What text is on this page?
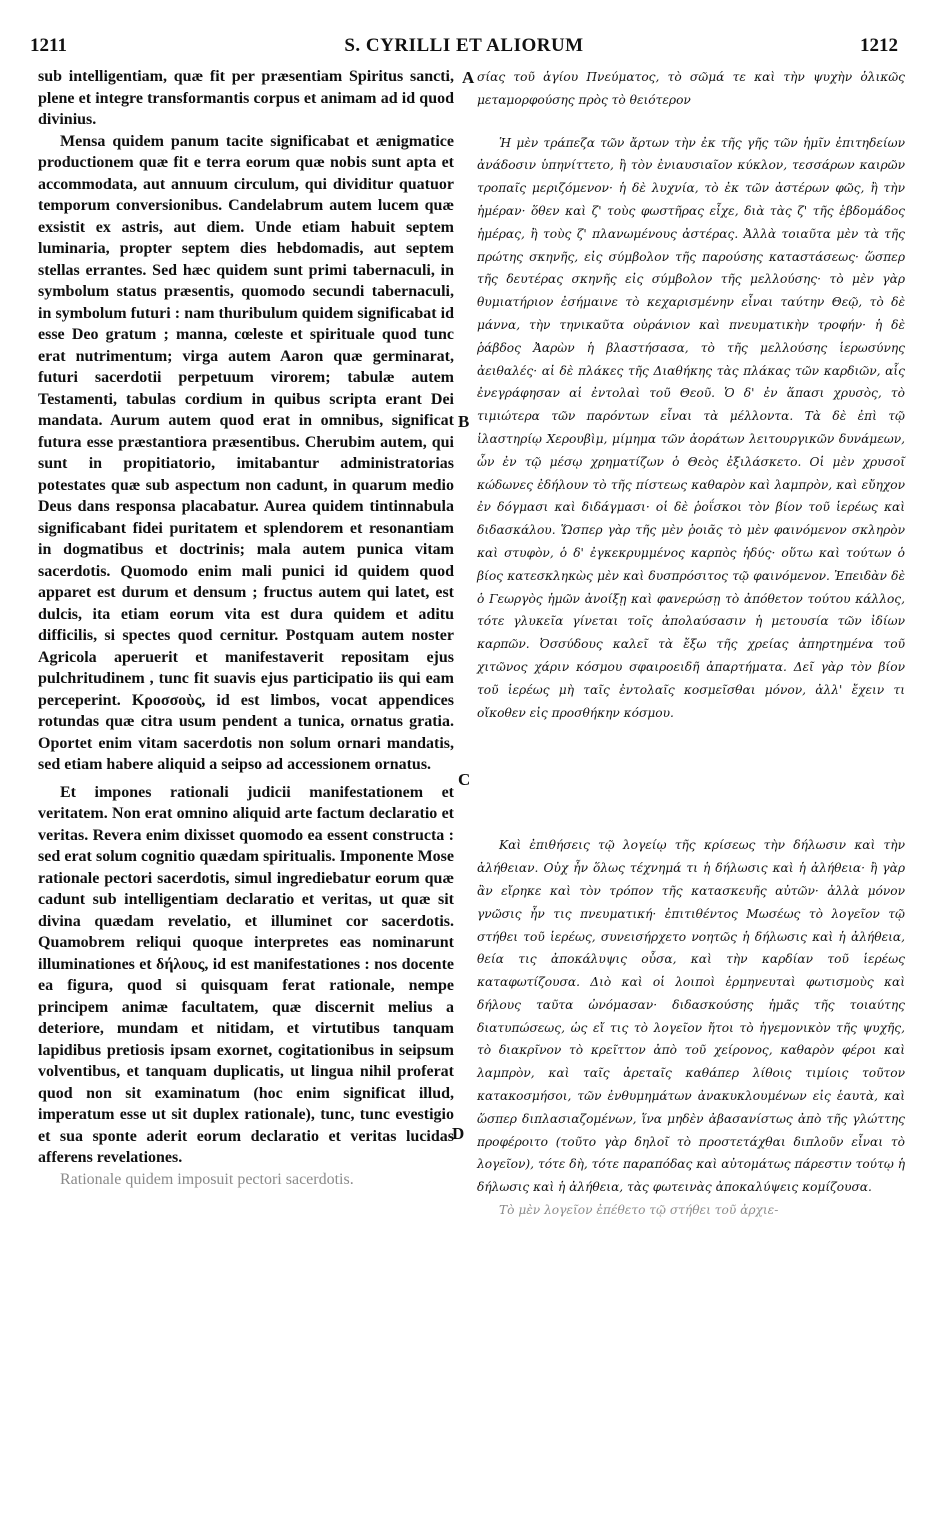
1211	S. CYRILLI ET ALIORUM	1212
A
B
C
D

sub intelligentiam, quæ fit per præsentiam Spiritus sancti, plene et integre transformantis corpus et animam ad id quod divinius.

Mensa quidem panum tacite significabat et ænigmatice productionem quæ fit e terra eorum quæ nobis sunt apta et accommodata, aut annuum circulum, qui dividitur quatuor temporum conversionibus. Candelabrum autem lucem quæ exsistit ex astris, aut diem. Unde etiam habuit septem luminaria, propter septem dies hebdomadis, aut septem stellas errantes. Sed hæc quidem sunt primi tabernaculi, in symbolum status præsentis, quomodo secundi tabernaculi, in symbolum futuri : nam thuribulum quidem significabat id esse Deo gratum ; manna, cœleste et spirituale quod tunc erat nutrimentum; virga autem Aaron quæ germinarat, futuri sacerdotii perpetuum virorem; tabulæ autem Testamenti, tabulas cordium in quibus scripta erant Dei mandata. Aurum autem quod erat in omnibus, significat futura esse præstantiora præsentibus. Cherubim autem, qui sunt in propitiatorio, imitabantur administratorias potestates quæ sub aspectum non cadunt, in quarum medio Deus dans responsa placabatur. Aurea quidem tintinnabula significabant fidei puritatem et splendorem et resonantiam in dogmatibus et doctrinis; mala autem punica vitam sacerdotis. Quomodo enim mali punici id quidem quod apparet est durum et densum ; fructus autem qui latet, est dulcis, ita etiam eorum vita est dura quidem et aditu difficilis, si spectes quod cernitur. Postquam autem noster Agricola aperuerit et manifestaverit repositam ejus pulchritudinem , tunc fit suavis ejus participatio iis qui eam perceperint. Κροσσοὺς, id est limbos, vocat appendices rotundas quæ citra usum pendent a tunica, ornatus gratia. Oportet enim vitam sacerdotis non solum ornari mandatis, sed etiam habere aliquid a seipso ad accessionem ornatus.

Et impones rationali judicii manifestationem et veritatem. Non erat omnino aliquid arte factum declaratio et veritas. Revera enim dixisset quomodo ea essent constructa : sed erat solum cognitio quædam spiritualis. Imponente Mose rationale pectori sacerdotis, simul ingrediebatur eorum quæ cadunt sub intelligentiam declaratio et veritas, ut quæ sit divina quædam revelatio, et illuminet cor sacerdotis. Quamobrem reliqui quoque interpretes eas nominarunt illuminationes et δήλους, id est manifestationes : nos docente ea figura, quod si quisquam ferat rationale, nempe principem animæ facultatem, quæ discernit melius a deteriore, mundam et nitidam, et virtutibus tanquam lapidibus pretiosis ipsam exornet, cogitationibus in seipsum volventibus, et tanquam duplicatis, ut lingua nihil proferat quod non sit examinatum (hoc enim significat illud, imperatum esse ut sit duplex rationale), tunc, tunc evestigio et sua sponte aderit eorum declaratio et veritas lucidas afferens revelationes.

Rationale quidem imposuit pectori sacerdotis.

σίας τοῦ ἁγίου Πνεύματος, τὸ σῶμά τε καὶ τὴν ψυχὴν ὁλικῶς μεταμορφούσης πρὸς τὸ θειότερον

Ἡ μὲν τράπεζα τῶν ἄρτων τὴν ἐκ τῆς γῆς τῶν ἡμῖν ἐπιτηδείων ἀνάδοσιν ὑπηνίττετο, ἢ τὸν ἐνιαυσιαῖον κύκλον, τεσσάρων καιρῶν τροπαῖς μεριζόμενον· ἡ δὲ λυχνία, τὸ ἐκ τῶν ἀστέρων φῶς, ἢ τὴν ἡμέραν· ὅθεν καὶ ζ' τοὺς φωστῆρας εἶχε, διὰ τὰς ζ' τῆς ἑβδομάδος ἡμέρας, ἢ τοὺς ζ' πλανωμένους ἀστέρας. Ἀλλὰ τοιαῦτα μὲν τὰ τῆς πρώτης σκηνῆς, εἰς σύμβολον τῆς παρούσης καταστάσεως· ὥσπερ τῆς δευτέρας σκηνῆς εἰς σύμβολον τῆς μελλούσης· τὸ μὲν γὰρ θυμιατήριον ἐσήμαινε τὸ κεχαρισμένην εἶναι ταύτην Θεῷ, τὸ δὲ μάννα, τὴν τηνικαῦτα οὐράνιον καὶ πνευματικὴν τροφήν· ἡ δὲ ῥάβδος Ἀαρὼν ἡ βλαστήσασα, τὸ τῆς μελλούσης ἱερωσύνης ἀειθαλές· αἱ δὲ πλάκες τῆς Διαθήκης τὰς πλάκας τῶν καρδιῶν, αἷς ἐνεγράφησαν αἱ ἐντολαὶ τοῦ Θεοῦ. Ὁ δ' ἐν ἅπασι χρυσὸς, τὸ τιμιώτερα τῶν παρόντων εἶναι τὰ μέλλοντα. Τὰ δὲ ἐπὶ τῷ ἱλαστηρίῳ Χερουβὶμ, μίμημα τῶν ἀοράτων λειτουργικῶν δυνάμεων, ὧν ἐν τῷ μέσῳ χρηματίζων ὁ Θεὸς ἐξιλάσκετο. Οἱ μὲν χρυσοῖ κώδωνες ἐδήλουν τὸ τῆς πίστεως καθαρὸν καὶ λαμπρὸν, καὶ εὔηχον ἐν δόγμασι καὶ διδάγμασι· οἱ δὲ ῥοΐσκοι τὸν βίον τοῦ ἱερέως καὶ διδασκάλου. Ὥσπερ γὰρ τῆς μὲν ῥοιᾶς τὸ μὲν φαινόμενον σκληρὸν καὶ στυφὸν, ὁ δ' ἐγκεκρυμμένος καρπὸς ἡδύς· οὕτω καὶ τούτων ὁ βίος κατεσκληκὼς μὲν καὶ δυσπρόσιτος τῷ φαινόμενον. Ἐπειδὰν δὲ ὁ Γεωργὸς ἡμῶν ἀνοίξῃ καὶ φανερώσῃ τὸ ἀπόθετον τούτου κάλλος, τότε γλυκεῖα γίνεται τοῖς ἀπολαύσασιν ἡ μετουσία τῶν ἰδίων καρπῶν. Ὀσσύδους καλεῖ τὰ ἔξω τῆς χρείας ἀπηρτημένα τοῦ χιτῶνος χάριν κόσμου σφαιροειδῆ ἀπαρτήματα. Δεῖ γὰρ τὸν βίον τοῦ ἱερέως μὴ ταῖς ἐντολαῖς κοσμεῖσθαι μόνον, ἀλλ' ἔχειν τι οἴκοθεν εἰς προσθήκην κόσμου.

Καὶ ἐπιθήσεις τῷ λογείῳ τῆς κρίσεως τὴν δήλωσιν καὶ τὴν ἀλήθειαν. Οὐχ ἦν ὅλως τέχνημά τι ἡ δήλωσις καὶ ἡ ἀλήθεια· ἢ γὰρ ἂν εἴρηκε καὶ τὸν τρόπον τῆς κατασκευῆς αὐτῶν· ἀλλὰ μόνον γνῶσις ἦν τις πνευματική· ἐπιτιθέντος Μωσέως τὸ λογεῖον τῷ στήθει τοῦ ἱερέως, συνεισήρχετο νοητῶς ἡ δήλωσις καὶ ἡ ἀλήθεια, θεία τις ἀποκάλυψις οὖσα, καὶ τὴν καρδίαν τοῦ ἱερέως καταφωτίζουσα. Διὸ καὶ οἱ λοιποὶ ἑρμηνευταὶ φωτισμοὺς καὶ δήλους ταῦτα ὠνόμασαν· διδασκούσης ἡμᾶς τῆς τοιαύτης διατυπώσεως, ὡς εἴ τις τὸ λογεῖον ἤτοι τὸ ἡγεμονικὸν τῆς ψυχῆς, τὸ διακρῖνον τὸ κρεῖττον ἀπὸ τοῦ χείρονος, καθαρὸν φέροι καὶ λαμπρὸν, καὶ ταῖς ἀρεταῖς καθάπερ λίθοις τιμίοις τοῦτον κατακοσμήσοι, τῶν ἐνθυμημάτων ἀνακυκλουμένων εἰς ἑαυτὰ, καὶ ὥσπερ διπλασιαζομένων, ἵνα μηδὲν ἀβασανίστως ἀπὸ τῆς γλώττης προφέροιτο (τοῦτο γὰρ δηλοῖ τὸ προστετάχθαι διπλοῦν εἶναι τὸ λογεῖον), τότε δὴ, τότε παραπόδας καὶ αὐτομάτως πάρεστιν τούτῳ ἡ δήλωσις καὶ ἡ ἀλήθεια, τὰς φωτεινὰς ἀποκαλύψεις κομίζουσα.

Τὸ μὲν λογεῖον ἐπέθετο τῷ στήθει τοῦ ἀρχιε-
